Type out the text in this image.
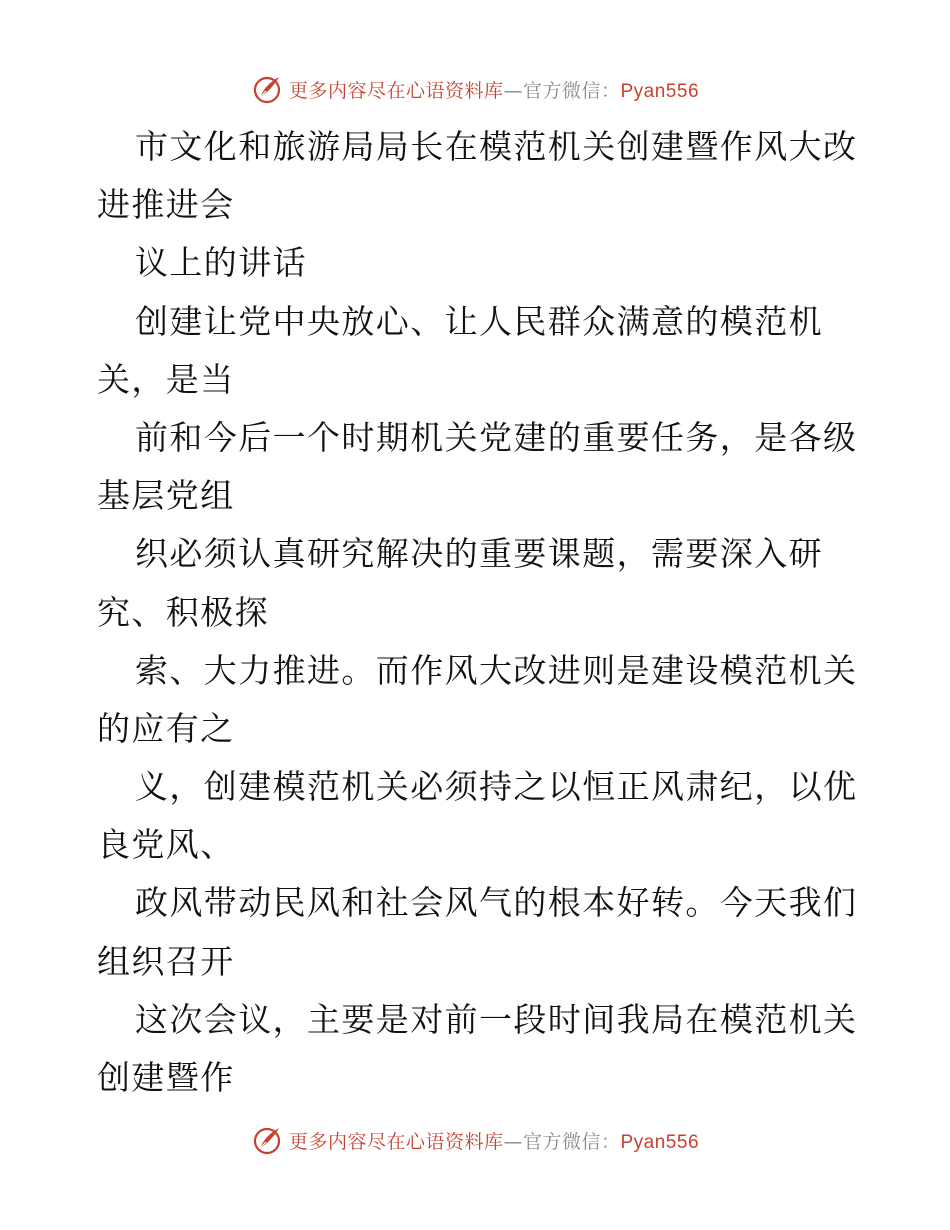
更多内容尽在心语资料库—官方微信：Pyan556
市文化和旅游局局长在模范机关创建暨作风大改
进推进会
议上的讲话
创建让党中央放心、让人民群众满意的模范机
关，是当
前和今后一个时期机关党建的重要任务，是各级
基层党组
织必须认真研究解决的重要课题，需要深入研
究、积极探
索、大力推进。而作风大改进则是建设模范机关
的应有之
义，创建模范机关必须持之以恒正风肃纪，以优
良党风、
政风带动民风和社会风气的根本好转。今天我们
组织召开
这次会议，主要是对前一段时间我局在模范机关
创建暨作
更多内容尽在心语资料库—官方微信：Pyan556
